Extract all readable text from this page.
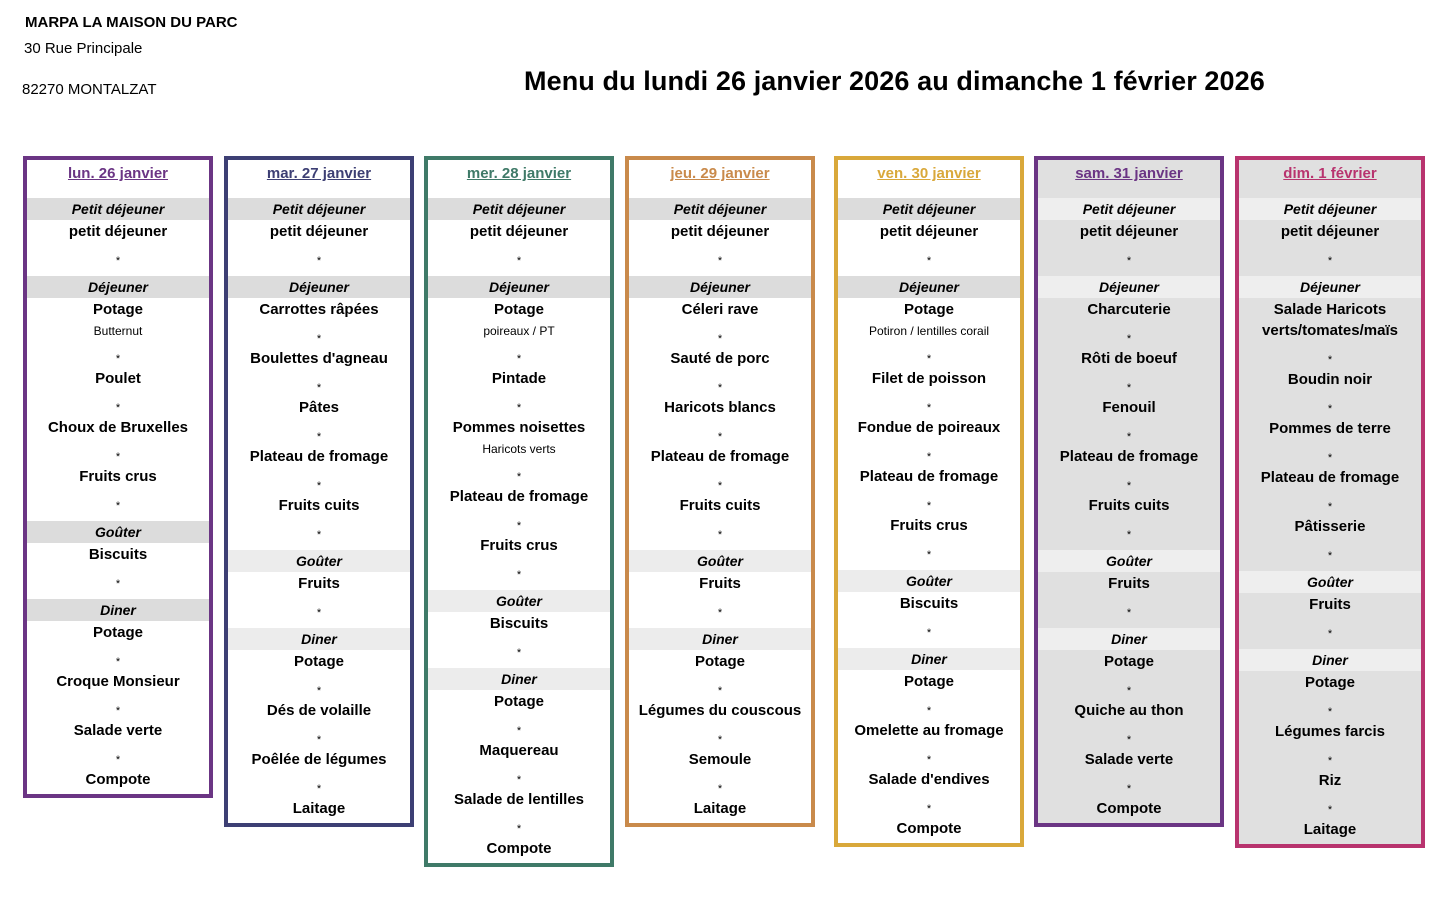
MARPA LA MAISON DU PARC
30 Rue Principale
82270 MONTALZAT	Menu du lundi 26 janvier 2026 au dimanche 1 février 2026
lun. 26 janvier
Petit déjeuner
petit déjeuner
*
Déjeuner
Potage
Butternut
*
Poulet
*
Choux de Bruxelles
*
Fruits crus
*
Goûter
Biscuits
*
Diner
Potage
*
Croque Monsieur
*
Salade verte
*
Compote
mar. 27 janvier
Petit déjeuner
petit déjeuner
*
Déjeuner
Carrottes râpées
*
Boulettes d'agneau
*
Pâtes
*
Plateau de fromage
*
Fruits cuits
*
Goûter
Fruits
*
Diner
Potage
*
Dés de volaille
*
Poêlée de légumes
*
Laitage
mer. 28 janvier
Petit déjeuner
petit déjeuner
*
Déjeuner
Potage
poireaux / PT
*
Pintade
*
Pommes noisettes
Haricots verts
*
Plateau de fromage
*
Fruits crus
*
Goûter
Biscuits
*
Diner
Potage
*
Maquereau
*
Salade de lentilles
*
Compote
jeu. 29 janvier
Petit déjeuner
petit déjeuner
*
Déjeuner
Céleri rave
*
Sauté de porc
*
Haricots blancs
*
Plateau de fromage
*
Fruits cuits
*
Goûter
Fruits
*
Diner
Potage
*
Légumes du couscous
*
Semoule
*
Laitage
ven. 30 janvier
Petit déjeuner
petit déjeuner
*
Déjeuner
Potage
Potiron / lentilles corail
*
Filet de poisson
*
Fondue de poireaux
*
Plateau de fromage
*
Fruits crus
*
Goûter
Biscuits
*
Diner
Potage
*
Omelette au fromage
*
Salade d'endives
*
Compote
sam. 31 janvier
Petit déjeuner
petit déjeuner
*
Déjeuner
Charcuterie
*
Rôti de boeuf
*
Fenouil
*
Plateau de fromage
*
Fruits cuits
*
Goûter
Fruits
*
Diner
Potage
*
Quiche au thon
*
Salade verte
*
Compote
dim. 1 février
Petit déjeuner
petit déjeuner
*
Déjeuner
Salade Haricots verts/tomates/maïs
*
Boudin noir
*
Pommes de terre
*
Plateau de fromage
*
Pâtisserie
*
Goûter
Fruits
*
Diner
Potage
*
Légumes farcis
*
Riz
*
Laitage
